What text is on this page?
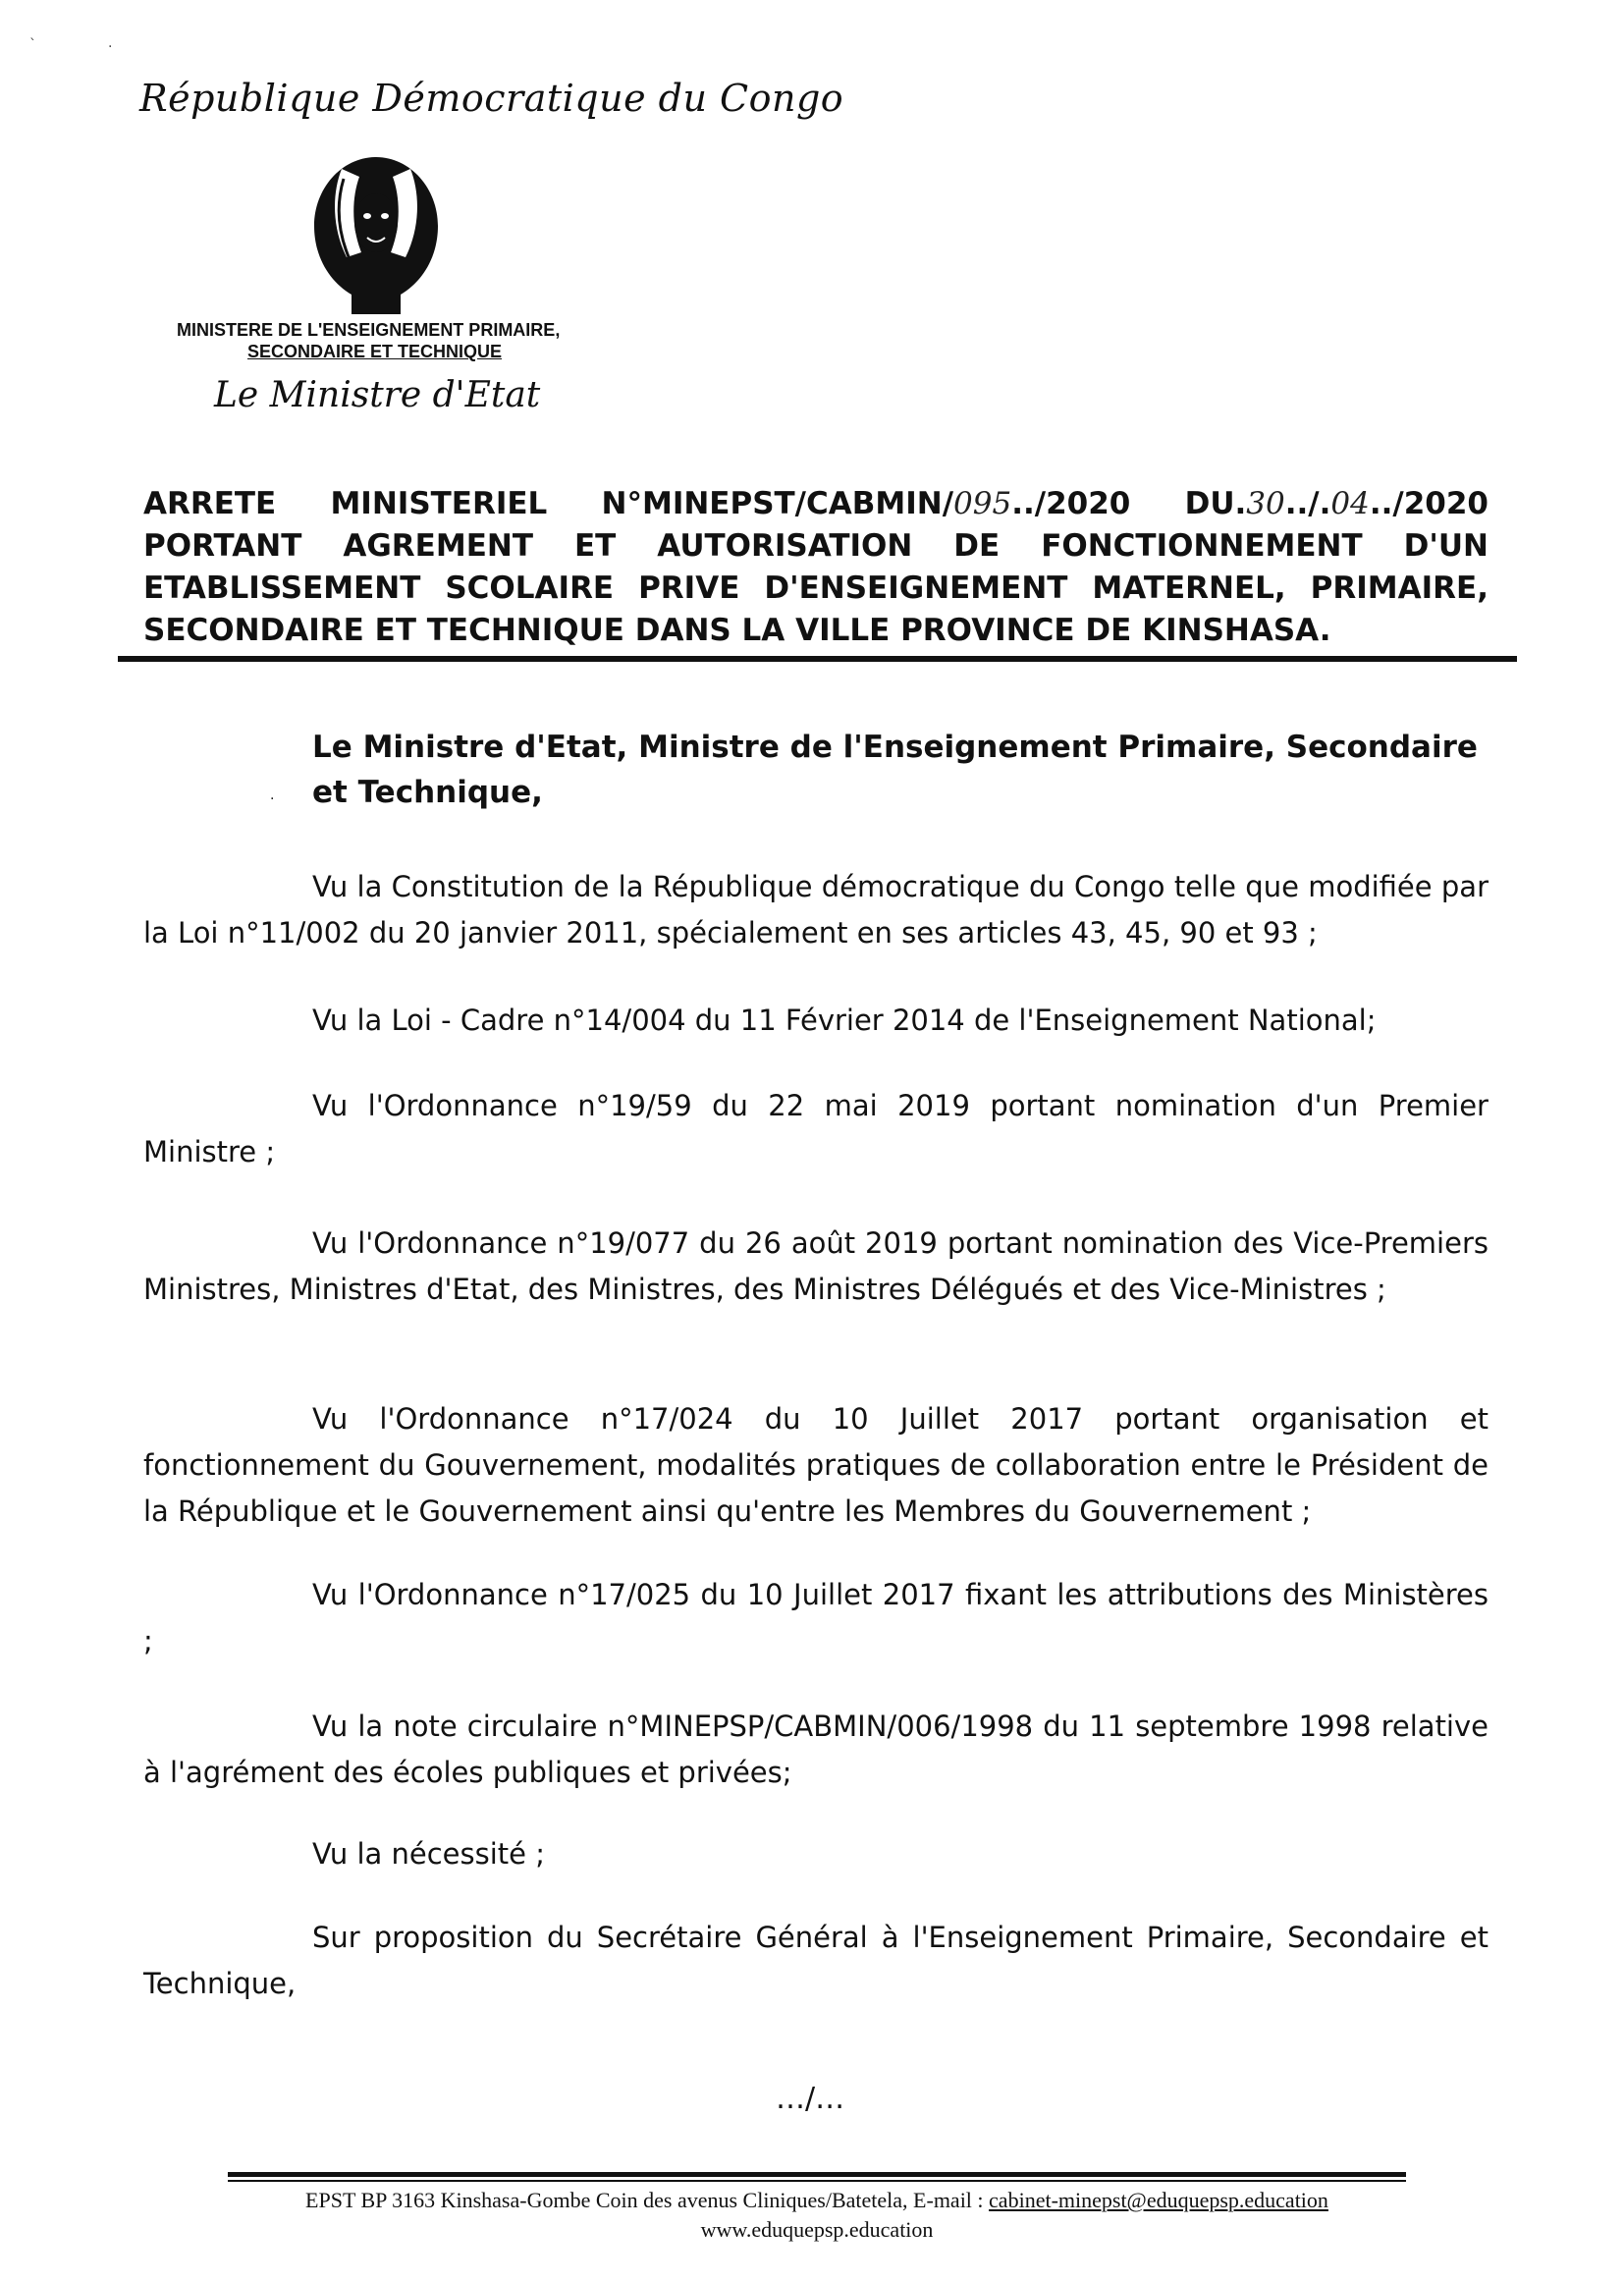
`	·
République Démocratique du Congo
MINISTERE DE L'ENSEIGNEMENT PRIMAIRE,
SECONDAIRE ET TECHNIQUE
Le Ministre d'Etat
ARRETE MINISTERIEL N°MINEPST/CABMIN/095../2020 DU.30../.04../2020
PORTANT AGREMENT ET AUTORISATION DE FONCTIONNEMENT D'UN
ETABLISSEMENT SCOLAIRE PRIVE D'ENSEIGNEMENT MATERNEL, PRIMAIRE,
SECONDAIRE ET TECHNIQUE DANS LA VILLE PROVINCE DE KINSHASA.
Le Ministre d'Etat, Ministre de l'Enseignement Primaire, Secondaire et Technique,
·
Vu la Constitution de la République démocratique du Congo telle que modifiée par la Loi n°11/002 du 20 janvier 2011, spécialement en ses articles 43, 45, 90 et 93 ;
Vu la Loi - Cadre n°14/004 du 11 Février 2014 de l'Enseignement National;
Vu l'Ordonnance n°19/59 du 22 mai 2019 portant nomination d'un Premier Ministre ;
Vu l'Ordonnance n°19/077 du 26 août 2019 portant nomination des Vice-Premiers Ministres, Ministres d'Etat, des Ministres, des Ministres Délégués et des Vice-Ministres ;
Vu l'Ordonnance n°17/024 du 10 Juillet 2017 portant organisation et fonctionnement du Gouvernement, modalités pratiques de collaboration entre le Président de la République et le Gouvernement ainsi qu'entre les Membres du Gouvernement ;
Vu l'Ordonnance n°17/025 du 10 Juillet 2017 fixant les attributions des Ministères ;
Vu la note circulaire n°MINEPSP/CABMIN/006/1998 du 11 septembre 1998 relative à l'agrément des écoles publiques et privées;
Vu la nécessité ;
Sur proposition du Secrétaire Général à l'Enseignement Primaire, Secondaire et Technique,
…/…
EPST BP 3163 Kinshasa-Gombe Coin des avenus Cliniques/Batetela, E-mail : cabinet-minepst@eduquepsp.education
www.eduquepsp.education
